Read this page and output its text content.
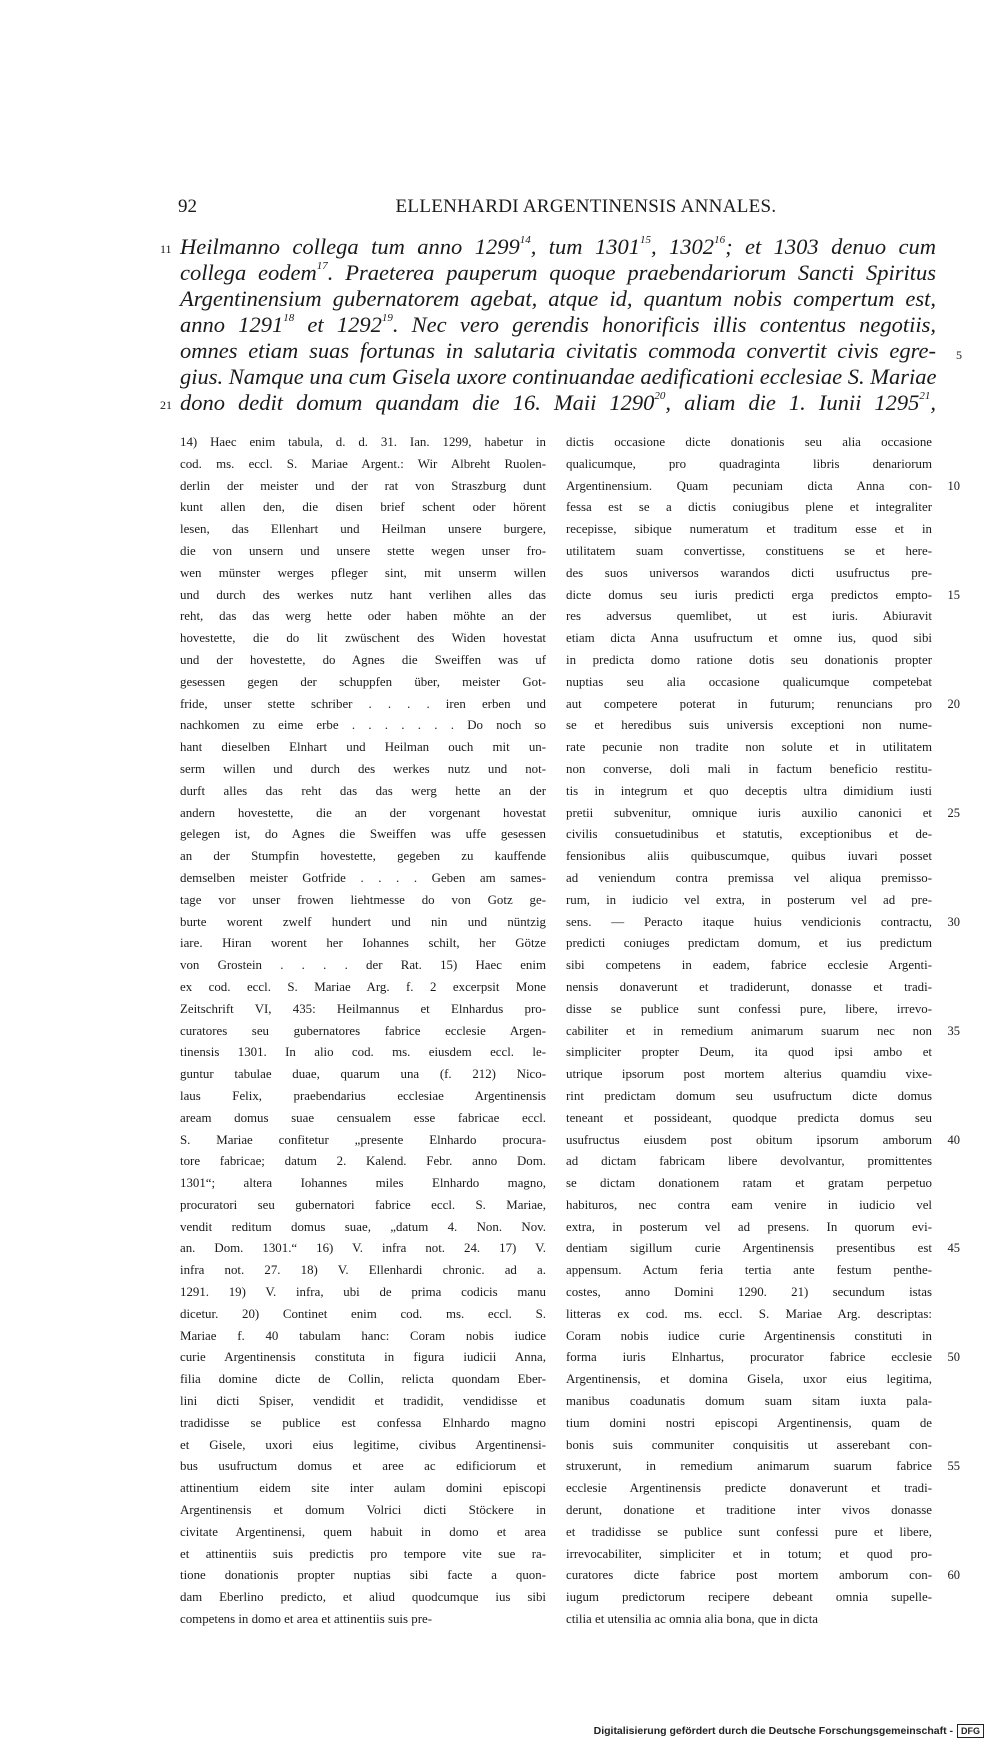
92	ELLENHARDI ARGENTINENSIS ANNALES.
11 Heilmanno collega tum anno 1299$^{14}$, tum 1301$^{15}$, 1302$^{16}$; et 1303 denuo cum
collega eodem$^{17}$. Praeterea pauperum quoque praebendariorum Sancti Spiritus
Argentinensium gubernatorem agebat, atque id, quantum nobis compertum est,
anno 1291$^{18}$ et 1292$^{19}$. Nec vero gerendis honorificis illis contentus negotiis,
5
omnes etiam suas fortunas in salutaria civitatis commoda convertit civis egre-
gius. Namque una cum Gisela uxore continuandae aedificationi ecclesiae S. Mariae
21 dono dedit domum quandam die 16. Maii 1290$^{20}$, aliam die 1. Iunii 1295$^{21}$,
14) Haec enim tabula, d. d. 31. Ian. 1299, habetur in
cod. ms. eccl. S. Mariae Argent.: Wir Albreht Ruolen-
derlin der meister und der rat von Straszburg dunt
kunt allen den, die disen brief schent oder hörent
lesen, das Ellenhart und Heilman unsere burgere,
die von unsern und unsere stette wegen unser fro-
wen münster werges pfleger sint, mit unserm willen
und durch des werkes nutz hant verlihen alles das
reht, das das werg hette oder haben möhte an der
hovestette, die do lit zwüschent des Widen hovestat
und der hovestette, do Agnes die Sweiffen was uf
gesessen gegen der schuppfen über, meister Got-
fride, unser stette schriber . . . . iren erben und
nachkomen zu eime erbe . . . . . . . Do noch so
hant dieselben Elnhart und Heilman ouch mit un-
serm willen und durch des werkes nutz und not-
durft alles das reht das das werg hette an der
andern hovestette, die an der vorgenant hovestat
gelegen ist, do Agnes die Sweiffen was uffe gesessen
an der Stumpfin hovestette, gegeben zu kauffende
demselben meister Gotfride . . . . Geben am sames-
tage vor unser frowen liehtmesse do von Gotz ge-
burte worent zwelf hundert und nin und nüntzig
iare. Hiran worent her Iohannes schilt, her Götze
von Grostein . . . . der Rat. 15) Haec enim
ex cod. eccl. S. Mariae Arg. f. 2 excerpsit Mone
Zeitschrift VI, 435: Heilmannus et Elnhardus pro-
curatores seu gubernatores fabrice ecclesie Argen-
tinensis 1301. In alio cod. ms. eiusdem eccl. le-
guntur tabulae duae, quarum una (f. 212) Nico-
laus Felix, praebendarius ecclesiae Argentinensis
aream domus suae censualem esse fabricae eccl.
S. Mariae confitetur „presente Elnhardo procura-
tore fabricae; datum 2. Kalend. Febr. anno Dom.
1301“; altera Iohannes miles Elnhardo magno,
procuratori seu gubernatori fabrice eccl. S. Mariae,
vendit reditum domus suae, „datum 4. Non. Nov.
an. Dom. 1301.“ 16) V. infra not. 24. 17) V.
infra not. 27. 18) V. Ellenhardi chronic. ad a.
1291. 19) V. infra, ubi de prima codicis manu
dicetur. 20) Continet enim cod. ms. eccl. S.
Mariae f. 40 tabulam hanc: Coram nobis iudice
curie Argentinensis constituta in figura iudicii Anna,
filia domine dicte de Collin, relicta quondam Eber-
lini dicti Spiser, vendidit et tradidit, vendidisse et
tradidisse se publice est confessa Elnhardo magno
et Gisele, uxori eius legitime, civibus Argentinensi-
bus usufructum domus et aree ac edificiorum et
attinentium eidem site inter aulam domini episcopi
Argentinensis et domum Volrici dicti Stöckere in
civitate Argentinensi, quem habuit in domo et area
et attinentiis suis predictis pro tempore vite sue ra-
tione donationis propter nuptias sibi facte a quon-
dam Eberlino predicto, et aliud quodcumque ius sibi
competens in domo et area et attinentiis suis pre-
dictis occasione dicte donationis seu alia occasione
qualicumque, pro quadraginta libris denariorum
Argentinensium. Quam pecuniam dicta Anna con- 10
fessa est se a dictis coniugibus plene et integraliter
recepisse, sibique numeratum et traditum esse et in
utilitatem suam convertisse, constituens se et here-
des suos universos warandos dicti usufructus pre-
dicte domus seu iuris predicti erga predictos empto- 15
res adversus quemlibet, ut est iuris. Abiuravit
etiam dicta Anna usufructum et omne ius, quod sibi
in predicta domo ratione dotis seu donationis propter
nuptias seu alia occasione qualicumque competebat
aut competere poterat in futurum; renuncians pro 20
se et heredibus suis universis exceptioni non nume-
rate pecunie non tradite non solute et in utilitatem
non converse, doli mali in factum beneficio restitu-
tis in integrum et quo deceptis ultra dimidium iusti
pretii subvenitur, omnique iuris auxilio canonici et 25
civilis consuetudinibus et statutis, exceptionibus et de-
fensionibus aliis quibuscumque, quibus iuvari posset
ad veniendum contra premissa vel aliqua premisso-
rum, in iudicio vel extra, in posterum vel ad pre-
sens. — Peracto itaque huius vendicionis contractu, 30
predicti coniuges predictam domum, et ius predictum
sibi competens in eadem, fabrice ecclesie Argenti-
nensis donaverunt et tradiderunt, donasse et tradi-
disse se publice sunt confessi pure, libere, irrevo-
cabiliter et in remedium animarum suarum nec non 35
simpliciter propter Deum, ita quod ipsi ambo et
utrique ipsorum post mortem alterius quamdiu vixe-
rint predictam domum seu usufructum dicte domus
teneant et possideant, quodque predicta domus seu
usufructus eiusdem post obitum ipsorum amborum 40
ad dictam fabricam libere devolvantur, promittentes
se dictam donationem ratam et gratam perpetuo
habituros, nec contra eam venire in iudicio vel
extra, in posterum vel ad presens. In quorum evi-
dentiam sigillum curie Argentinensis presentibus est 45
appensum. Actum feria tertia ante festum penthe-
costes, anno Domini 1290. 21) secundum istas
litteras ex cod. ms. eccl. S. Mariae Arg. descriptas:
Coram nobis iudice curie Argentinensis constituti in
forma iuris Elnhartus, procurator fabrice ecclesie 50
Argentinensis, et domina Gisela, uxor eius legitima,
manibus coadunatis domum suam sitam iuxta pala-
tium domini nostri episcopi Argentinensis, quam de
bonis suis communiter conquisitis ut asserebant con-
struxerunt, in remedium animarum suarum fabrice 55
ecclesie Argentinensis predicte donaverunt et tradi-
derunt, donatione et traditione inter vivos donasse
et tradidisse se publice sunt confessi pure et libere,
irrevocabiliter, simpliciter et in totum; et quod pro-
curatores dicte fabrice post mortem amborum con- 60
iugum predictorum recipere debeant omnia supelle-
ctilia et utensilia ac omnia alia bona, que in dicta
Digitalisierung gefördert durch die Deutsche Forschungsgemeinschaft - DFG
